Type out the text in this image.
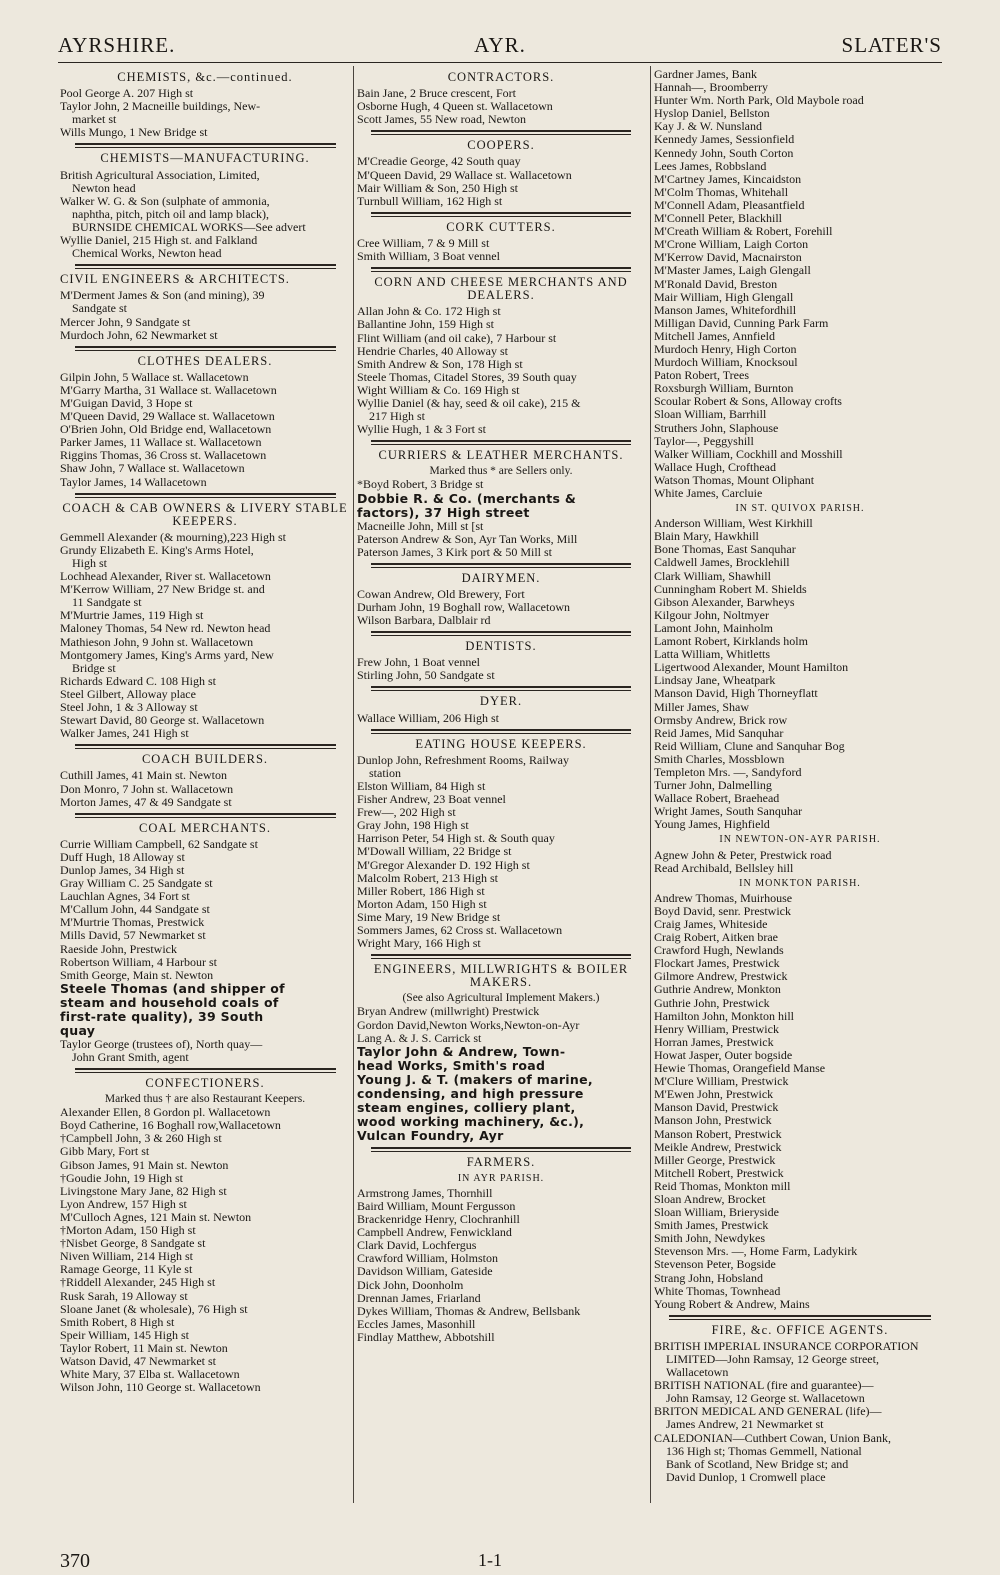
AYRSHIRE.	AYR.	SLATER'S
CHEMISTS, &c.—continued.
Pool George A. 207 High st
Taylor John, 2 Macneille buildings, New-
market st
Wills Mungo, 1 New Bridge st
CHEMISTS—MANUFACTURING.
British Agricultural Association, Limited,
Newton head
Walker W. G. & Son (sulphate of ammonia,
naphtha, pitch, pitch oil and lamp black),
BURNSIDE CHEMICAL WORKS—See advert
Wyllie Daniel, 215 High st. and Falkland
Chemical Works, Newton head
CIVIL ENGINEERS & ARCHITECTS.
M'Derment James & Son (and mining), 39
Sandgate st
Mercer John, 9 Sandgate st
Murdoch John, 62 Newmarket st
CLOTHES DEALERS.
Gilpin John, 5 Wallace st. Wallacetown
M'Garry Martha, 31 Wallace st. Wallacetown
M'Guigan David, 3 Hope st
M'Queen David, 29 Wallace st. Wallacetown
O'Brien John, Old Bridge end, Wallacetown
Parker James, 11 Wallace st. Wallacetown
Riggins Thomas, 36 Cross st. Wallacetown
Shaw John, 7 Wallace st. Wallacetown
Taylor James, 14 Wallacetown
COACH & CAB OWNERS & LIVERY STABLE KEEPERS.
Gemmell Alexander (& mourning),223 High st
Grundy Elizabeth E. King's Arms Hotel,
High st
Lochhead Alexander, River st. Wallacetown
M'Kerrow William, 27 New Bridge st. and
11 Sandgate st
M'Murtrie James, 119 High st
Maloney Thomas, 54 New rd. Newton head
Mathieson John, 9 John st. Wallacetown
Montgomery James, King's Arms yard, New
Bridge st
Richards Edward C. 108 High st
Steel Gilbert, Alloway place
Steel John, 1 & 3 Alloway st
Stewart David, 80 George st. Wallacetown
Walker James, 241 High st
COACH BUILDERS.
Cuthill James, 41 Main st. Newton
Don Monro, 7 John st. Wallacetown
Morton James, 47 & 49 Sandgate st
COAL MERCHANTS.
Currie William Campbell, 62 Sandgate st
Duff Hugh, 18 Alloway st
Dunlop James, 34 High st
Gray William C. 25 Sandgate st
Lauchlan Agnes, 34 Fort st
M'Callum John, 44 Sandgate st
M'Murtrie Thomas, Prestwick
Mills David, 57 Newmarket st
Raeside John, Prestwick
Robertson William, 4 Harbour st
Smith George, Main st. Newton
Steele Thomas (and shipper of
steam and household coals of
first-rate quality), 39 South
quay
Taylor George (trustees of), North quay—
John Grant Smith, agent
CONFECTIONERS.
Marked thus † are also Restaurant Keepers.
Alexander Ellen, 8 Gordon pl. Wallacetown
Boyd Catherine, 16 Boghall row,Wallacetown
†Campbell John, 3 & 260 High st
Gibb Mary, Fort st
Gibson James, 91 Main st. Newton
†Goudie John, 19 High st
Livingstone Mary Jane, 82 High st
Lyon Andrew, 157 High st
M'Culloch Agnes, 121 Main st. Newton
†Morton Adam, 150 High st
†Nisbet George, 8 Sandgate st
Niven William, 214 High st
Ramage George, 11 Kyle st
†Riddell Alexander, 245 High st
Rusk Sarah, 19 Alloway st
Sloane Janet (& wholesale), 76 High st
Smith Robert, 8 High st
Speir William, 145 High st
Taylor Robert, 11 Main st. Newton
Watson David, 47 Newmarket st
White Mary, 37 Elba st. Wallacetown
Wilson John, 110 George st. Wallacetown
CONTRACTORS.
Bain Jane, 2 Bruce crescent, Fort
Osborne Hugh, 4 Queen st. Wallacetown
Scott James, 55 New road, Newton
COOPERS.
M'Creadie George, 42 South quay
M'Queen David, 29 Wallace st. Wallacetown
Mair William & Son, 250 High st
Turnbull William, 162 High st
CORK CUTTERS.
Cree William, 7 & 9 Mill st
Smith William, 3 Boat vennel
CORN AND CHEESE MERCHANTS AND DEALERS.
Allan John & Co. 172 High st
Ballantine John, 159 High st
Flint William (and oil cake), 7 Harbour st
Hendrie Charles, 40 Alloway st
Smith Andrew & Son, 178 High st
Steele Thomas, Citadel Stores, 39 South quay
Wight William & Co. 169 High st
Wyllie Daniel (& hay, seed & oil cake), 215 &
217 High st
Wyllie Hugh, 1 & 3 Fort st
CURRIERS & LEATHER MERCHANTS.
Marked thus * are Sellers only.
*Boyd Robert, 3 Bridge st
Dobbie R. & Co. (merchants &
factors), 37 High street
Macneille John, Mill st [st
Paterson Andrew & Son, Ayr Tan Works, Mill
Paterson James, 3 Kirk port & 50 Mill st
DAIRYMEN.
Cowan Andrew, Old Brewery, Fort
Durham John, 19 Boghall row, Wallacetown
Wilson Barbara, Dalblair rd
DENTISTS.
Frew John, 1 Boat vennel
Stirling John, 50 Sandgate st
DYER.
Wallace William, 206 High st
EATING HOUSE KEEPERS.
Dunlop John, Refreshment Rooms, Railway
station
Elston William, 84 High st
Fisher Andrew, 23 Boat vennel
Frew—, 202 High st
Gray John, 198 High st
Harrison Peter, 54 High st. & South quay
M'Dowall William, 22 Bridge st
M'Gregor Alexander D. 192 High st
Malcolm Robert, 213 High st
Miller Robert, 186 High st
Morton Adam, 150 High st
Sime Mary, 19 New Bridge st
Sommers James, 62 Cross st. Wallacetown
Wright Mary, 166 High st
ENGINEERS, MILLWRIGHTS & BOILER MAKERS.
(See also Agricultural Implement Makers.)
Bryan Andrew (millwright) Prestwick
Gordon David,Newton Works,Newton-on-Ayr
Lang A. & J. S. Carrick st
Taylor John & Andrew, Town-
head Works, Smith's road
Young J. & T. (makers of marine,
condensing, and high pressure
steam engines, colliery plant,
wood working machinery, &c.),
Vulcan Foundry, Ayr
FARMERS.
IN AYR PARISH.
Armstrong James, Thornhill
Baird William, Mount Fergusson
Brackenridge Henry, Clochranhill
Campbell Andrew, Fenwickland
Clark David, Lochfergus
Crawford William, Holmston
Davidson William, Gateside
Dick John, Doonholm
Drennan James, Friarland
Dykes William, Thomas & Andrew, Bellsbank
Eccles James, Masonhill
Findlay Matthew, Abbotshill
Gardner James, Bank
Hannah—, Broomberry
Hunter Wm. North Park, Old Maybole road
Hyslop Daniel, Bellston
Kay J. & W. Nunsland
Kennedy James, Sessionfield
Kennedy John, South Corton
Lees James, Robbsland
M'Cartney James, Kincaidston
M'Colm Thomas, Whitehall
M'Connell Adam, Pleasantfield
M'Connell Peter, Blackhill
M'Creath William & Robert, Forehill
M'Crone William, Laigh Corton
M'Kerrow David, Macnairston
M'Master James, Laigh Glengall
M'Ronald David, Breston
Mair William, High Glengall
Manson James, Whitefordhill
Milligan David, Cunning Park Farm
Mitchell James, Annfield
Murdoch Henry, High Corton
Murdoch William, Knocksoul
Paton Robert, Trees
Roxsburgh William, Burnton
Scoular Robert & Sons, Alloway crofts
Sloan William, Barrhill
Struthers John, Slaphouse
Taylor—, Peggyshill
Walker William, Cockhill and Mosshill
Wallace Hugh, Crofthead
Watson Thomas, Mount Oliphant
White James, Carcluie
IN ST. QUIVOX PARISH.
Anderson William, West Kirkhill
Blain Mary, Hawkhill
Bone Thomas, East Sanquhar
Caldwell James, Brocklehill
Clark William, Shawhill
Cunningham Robert M. Shields
Gibson Alexander, Barwheys
Kilgour John, Noltmyer
Lamont John, Mainholm
Lamont Robert, Kirklands holm
Latta William, Whitletts
Ligertwood Alexander, Mount Hamilton
Lindsay Jane, Wheatpark
Manson David, High Thorneyflatt
Miller James, Shaw
Ormsby Andrew, Brick row
Reid James, Mid Sanquhar
Reid William, Clune and Sanquhar Bog
Smith Charles, Mossblown
Templeton Mrs. —, Sandyford
Turner John, Dalmelling
Wallace Robert, Braehead
Wright James, South Sanquhar
Young James, Highfield
IN NEWTON-ON-AYR PARISH.
Agnew John & Peter, Prestwick road
Read Archibald, Bellsley hill
IN MONKTON PARISH.
Andrew Thomas, Muirhouse
Boyd David, senr. Prestwick
Craig James, Whiteside
Craig Robert, Aitken brae
Crawford Hugh, Newlands
Flockart James, Prestwick
Gilmore Andrew, Prestwick
Guthrie Andrew, Monkton
Guthrie John, Prestwick
Hamilton John, Monkton hill
Henry William, Prestwick
Horran James, Prestwick
Howat Jasper, Outer bogside
Hewie Thomas, Orangefield Manse
M'Clure William, Prestwick
M'Ewen John, Prestwick
Manson David, Prestwick
Manson John, Prestwick
Manson Robert, Prestwick
Meikle Andrew, Prestwick
Miller George, Prestwick
Mitchell Robert, Prestwick
Reid Thomas, Monkton mill
Sloan Andrew, Brocket
Sloan William, Brieryside
Smith James, Prestwick
Smith John, Newdykes
Stevenson Mrs. —, Home Farm, Ladykirk
Stevenson Peter, Bogside
Strang John, Hobsland
White Thomas, Townhead
Young Robert & Andrew, Mains
FIRE, &c. OFFICE AGENTS.
BRITISH IMPERIAL INSURANCE CORPORATION
LIMITED—John Ramsay, 12 George street,
Wallacetown
BRITISH NATIONAL (fire and guarantee)—
John Ramsay, 12 George st. Wallacetown
BRITON MEDICAL AND GENERAL (life)—
James Andrew, 21 Newmarket st
CALEDONIAN—Cuthbert Cowan, Union Bank,
136 High st; Thomas Gemmell, National
Bank of Scotland, New Bridge st; and
David Dunlop, 1 Cromwell place
370	1-1
